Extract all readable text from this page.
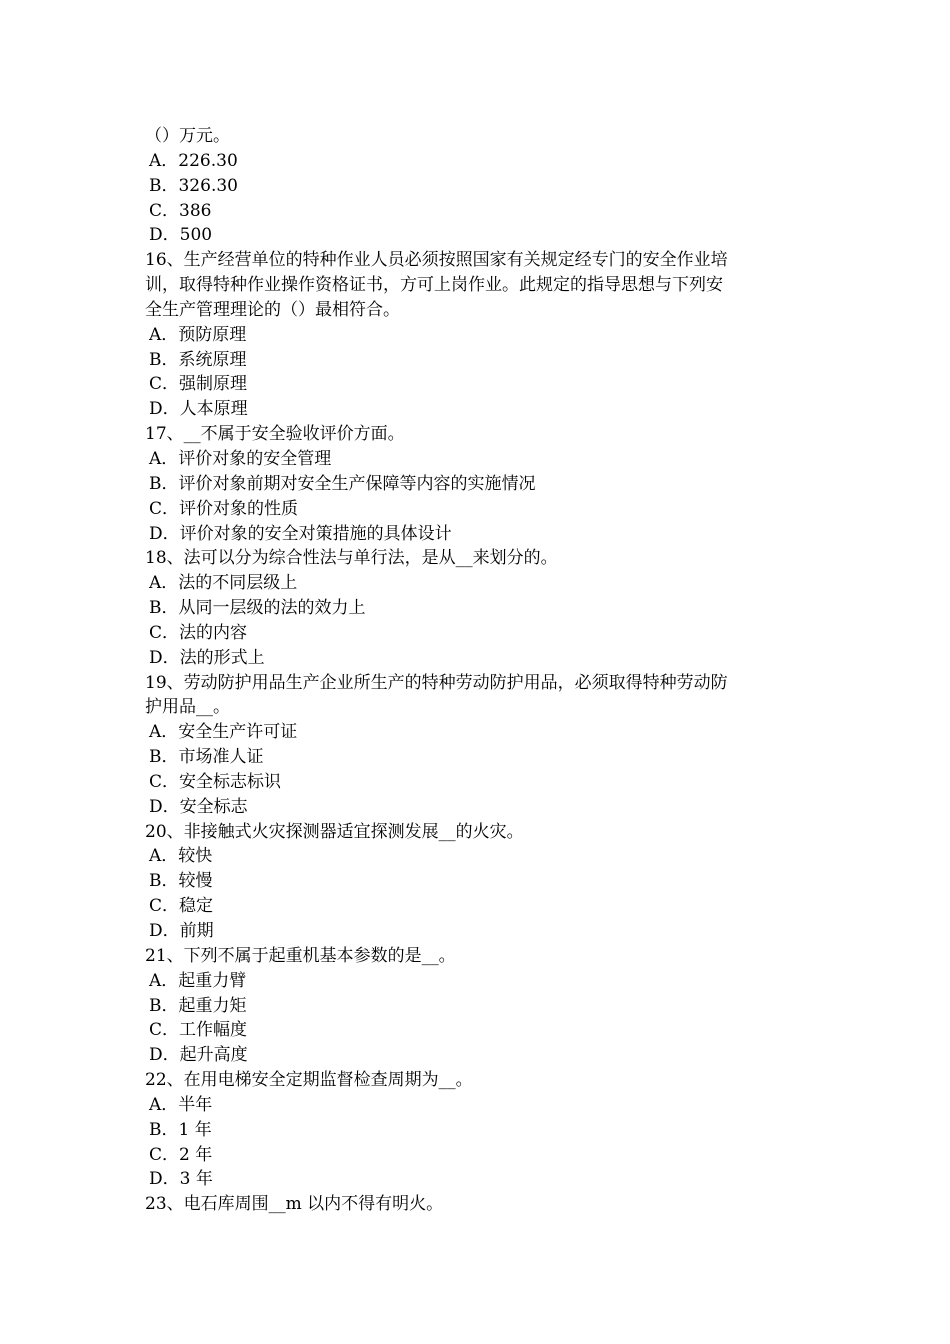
（）万元。
A．226.30
B．326.30
C．386
D．500
16、生产经营单位的特种作业人员必须按照国家有关规定经专门的安全作业培
训，取得特种作业操作资格证书，方可上岗作业。此规定的指导思想与下列安
全生产管理理论的（）最相符合。
A．预防原理
B．系统原理
C．强制原理
D．人本原理
17、__不属于安全验收评价方面。
A．评价对象的安全管理
B．评价对象前期对安全生产保障等内容的实施情况
C．评价对象的性质
D．评价对象的安全对策措施的具体设计
18、法可以分为综合性法与单行法，是从__来划分的。
A．法的不同层级上
B．从同一层级的法的效力上
C．法的内容
D．法的形式上
19、劳动防护用品生产企业所生产的特种劳动防护用品，必须取得特种劳动防
护用品__。
A．安全生产许可证
B．市场准人证
C．安全标志标识
D．安全标志
20、非接触式火灾探测器适宜探测发展__的火灾。
A．较快
B．较慢
C．稳定
D．前期
21、下列不属于起重机基本参数的是__。
A．起重力臂
B．起重力矩
C．工作幅度
D．起升高度
22、在用电梯安全定期监督检查周期为__。
A．半年
B．1 年
C．2 年
D．3 年
23、电石库周围__m 以内不得有明火。
